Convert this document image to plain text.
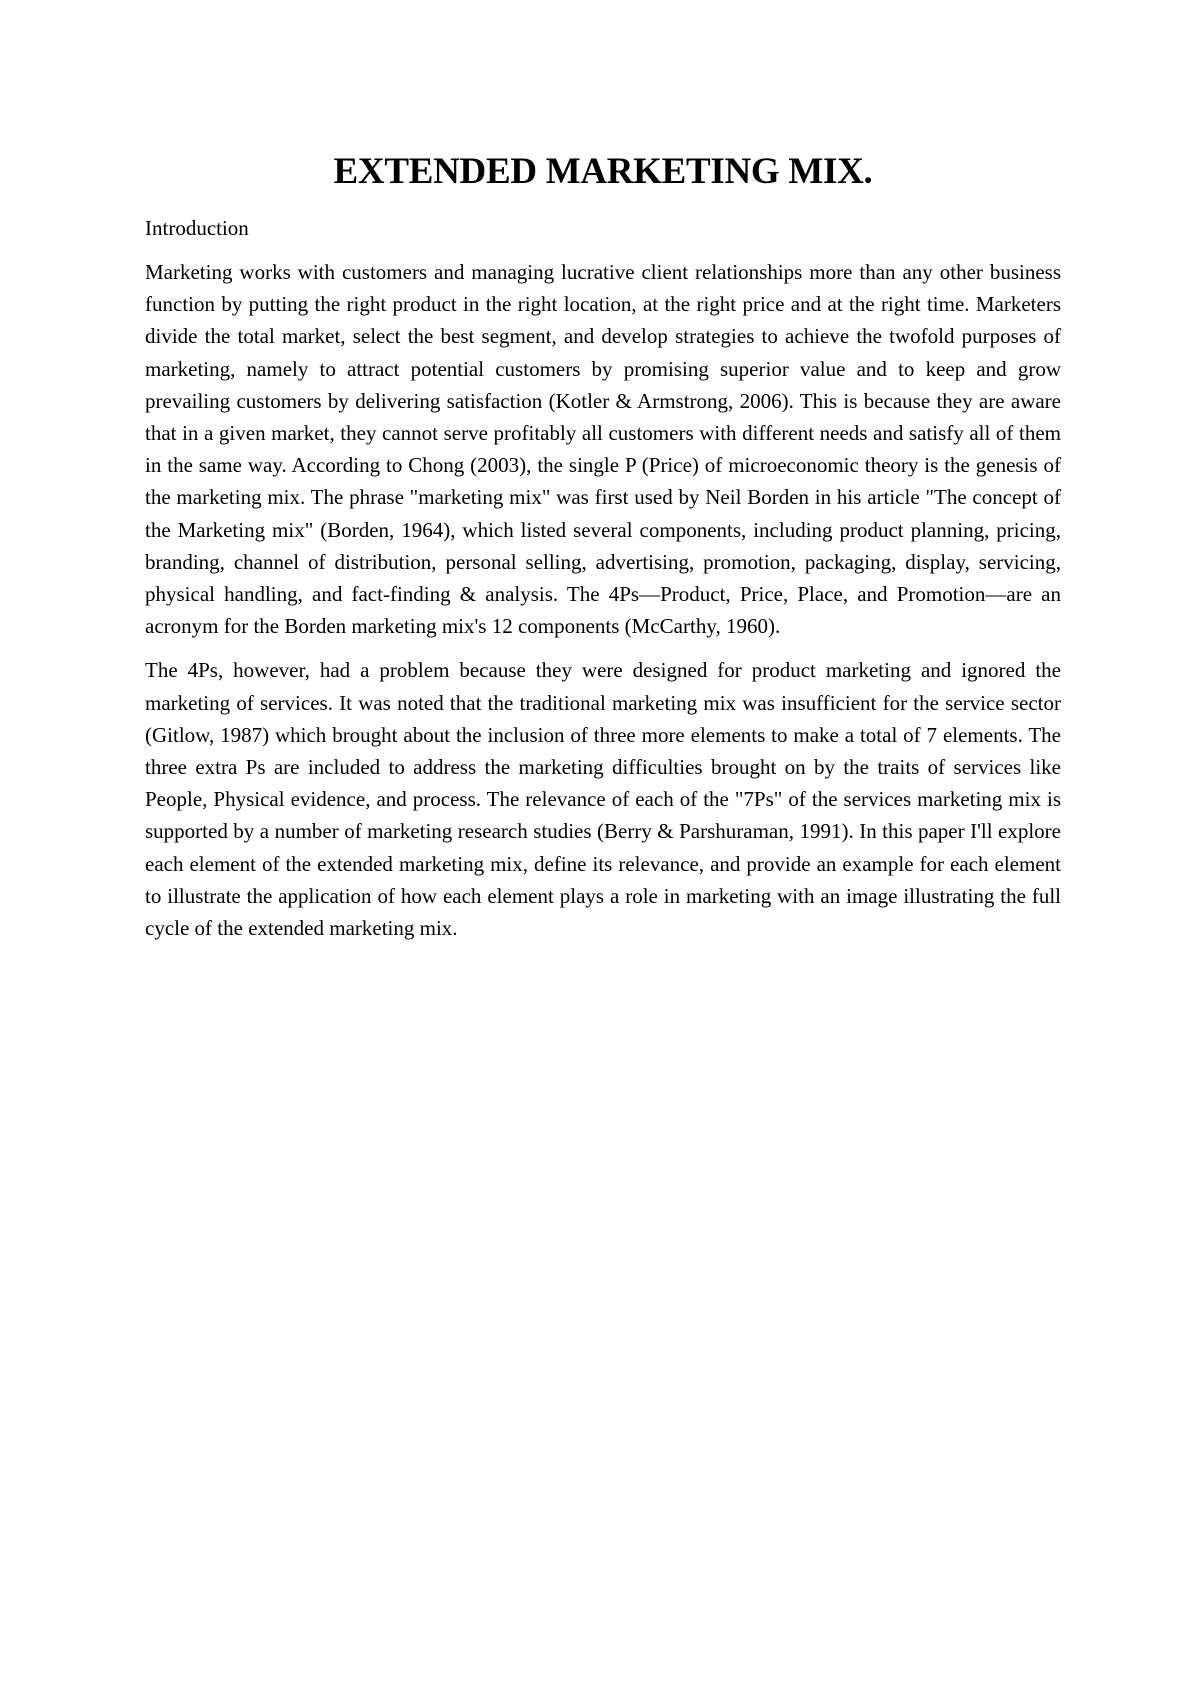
EXTENDED MARKETING MIX.

Introduction

Marketing works with customers and managing lucrative client relationships more than any other business function by putting the right product in the right location, at the right price and at the right time. Marketers divide the total market, select the best segment, and develop strategies to achieve the twofold purposes of marketing, namely to attract potential customers by promising superior value and to keep and grow prevailing customers by delivering satisfaction (Kotler & Armstrong, 2006). This is because they are aware that in a given market, they cannot serve profitably all customers with different needs and satisfy all of them in the same way. According to Chong (2003), the single P (Price) of microeconomic theory is the genesis of the marketing mix. The phrase "marketing mix" was first used by Neil Borden in his article "The concept of the Marketing mix" (Borden, 1964), which listed several components, including product planning, pricing, branding, channel of distribution, personal selling, advertising, promotion, packaging, display, servicing, physical handling, and fact-finding & analysis. The 4Ps—Product, Price, Place, and Promotion—are an acronym for the Borden marketing mix's 12 components (McCarthy, 1960).

The 4Ps, however, had a problem because they were designed for product marketing and ignored the marketing of services. It was noted that the traditional marketing mix was insufficient for the service sector (Gitlow, 1987) which brought about the inclusion of three more elements to make a total of 7 elements. The three extra Ps are included to address the marketing difficulties brought on by the traits of services like People, Physical evidence, and process. The relevance of each of the "7Ps" of the services marketing mix is supported by a number of marketing research studies (Berry & Parshuraman, 1991). In this paper I'll explore each element of the extended marketing mix, define its relevance, and provide an example for each element to illustrate the application of how each element plays a role in marketing with an image illustrating the full cycle of the extended marketing mix.
